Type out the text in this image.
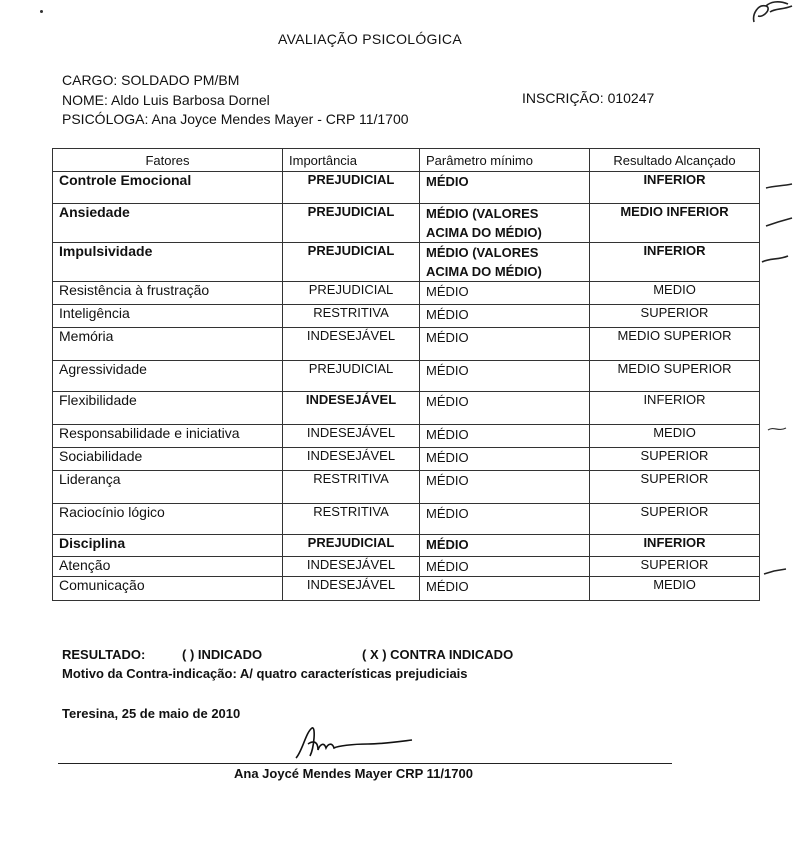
AVALIAÇÃO PSICOLÓGICA
CARGO: SOLDADO PM/BM
NOME: Aldo Luis Barbosa Dornel	INSCRIÇÃO: 010247
PSICÓLOGA: Ana Joyce Mendes Mayer - CRP 11/1700
Fatores	Importância	Parâmetro mínimo	Resultado Alcançado
Controle Emocional	PREJUDICIAL	MÉDIO	INFERIOR
Ansiedade	PREJUDICIAL	MÉDIO (VALORES ACIMA DO MÉDIO)	MEDIO INFERIOR
Impulsividade	PREJUDICIAL	MÉDIO (VALORES ACIMA DO MÉDIO)	INFERIOR
Resistência à frustração	PREJUDICIAL	MÉDIO	MEDIO
Inteligência	RESTRITIVA	MÉDIO	SUPERIOR
Memória	INDESEJÁVEL	MÉDIO	MEDIO SUPERIOR
Agressividade	PREJUDICIAL	MÉDIO	MEDIO SUPERIOR
Flexibilidade	INDESEJÁVEL	MÉDIO	INFERIOR
Responsabilidade e iniciativa	INDESEJÁVEL	MÉDIO	MEDIO
Sociabilidade	INDESEJÁVEL	MÉDIO	SUPERIOR
Liderança	RESTRITIVA	MÉDIO	SUPERIOR
Raciocínio lógico	RESTRITIVA	MÉDIO	SUPERIOR
Disciplina	PREJUDICIAL	MÉDIO	INFERIOR
Atenção	INDESEJÁVEL	MÉDIO	SUPERIOR
Comunicação	INDESEJÁVEL	MÉDIO	MEDIO
RESULTADO:	( ) INDICADO	( X ) CONTRA INDICADO
Motivo da Contra-indicação: A/ quatro características prejudiciais
Teresina, 25 de maio de 2010
Ana Joycé Mendes Mayer CRP 11/1700
